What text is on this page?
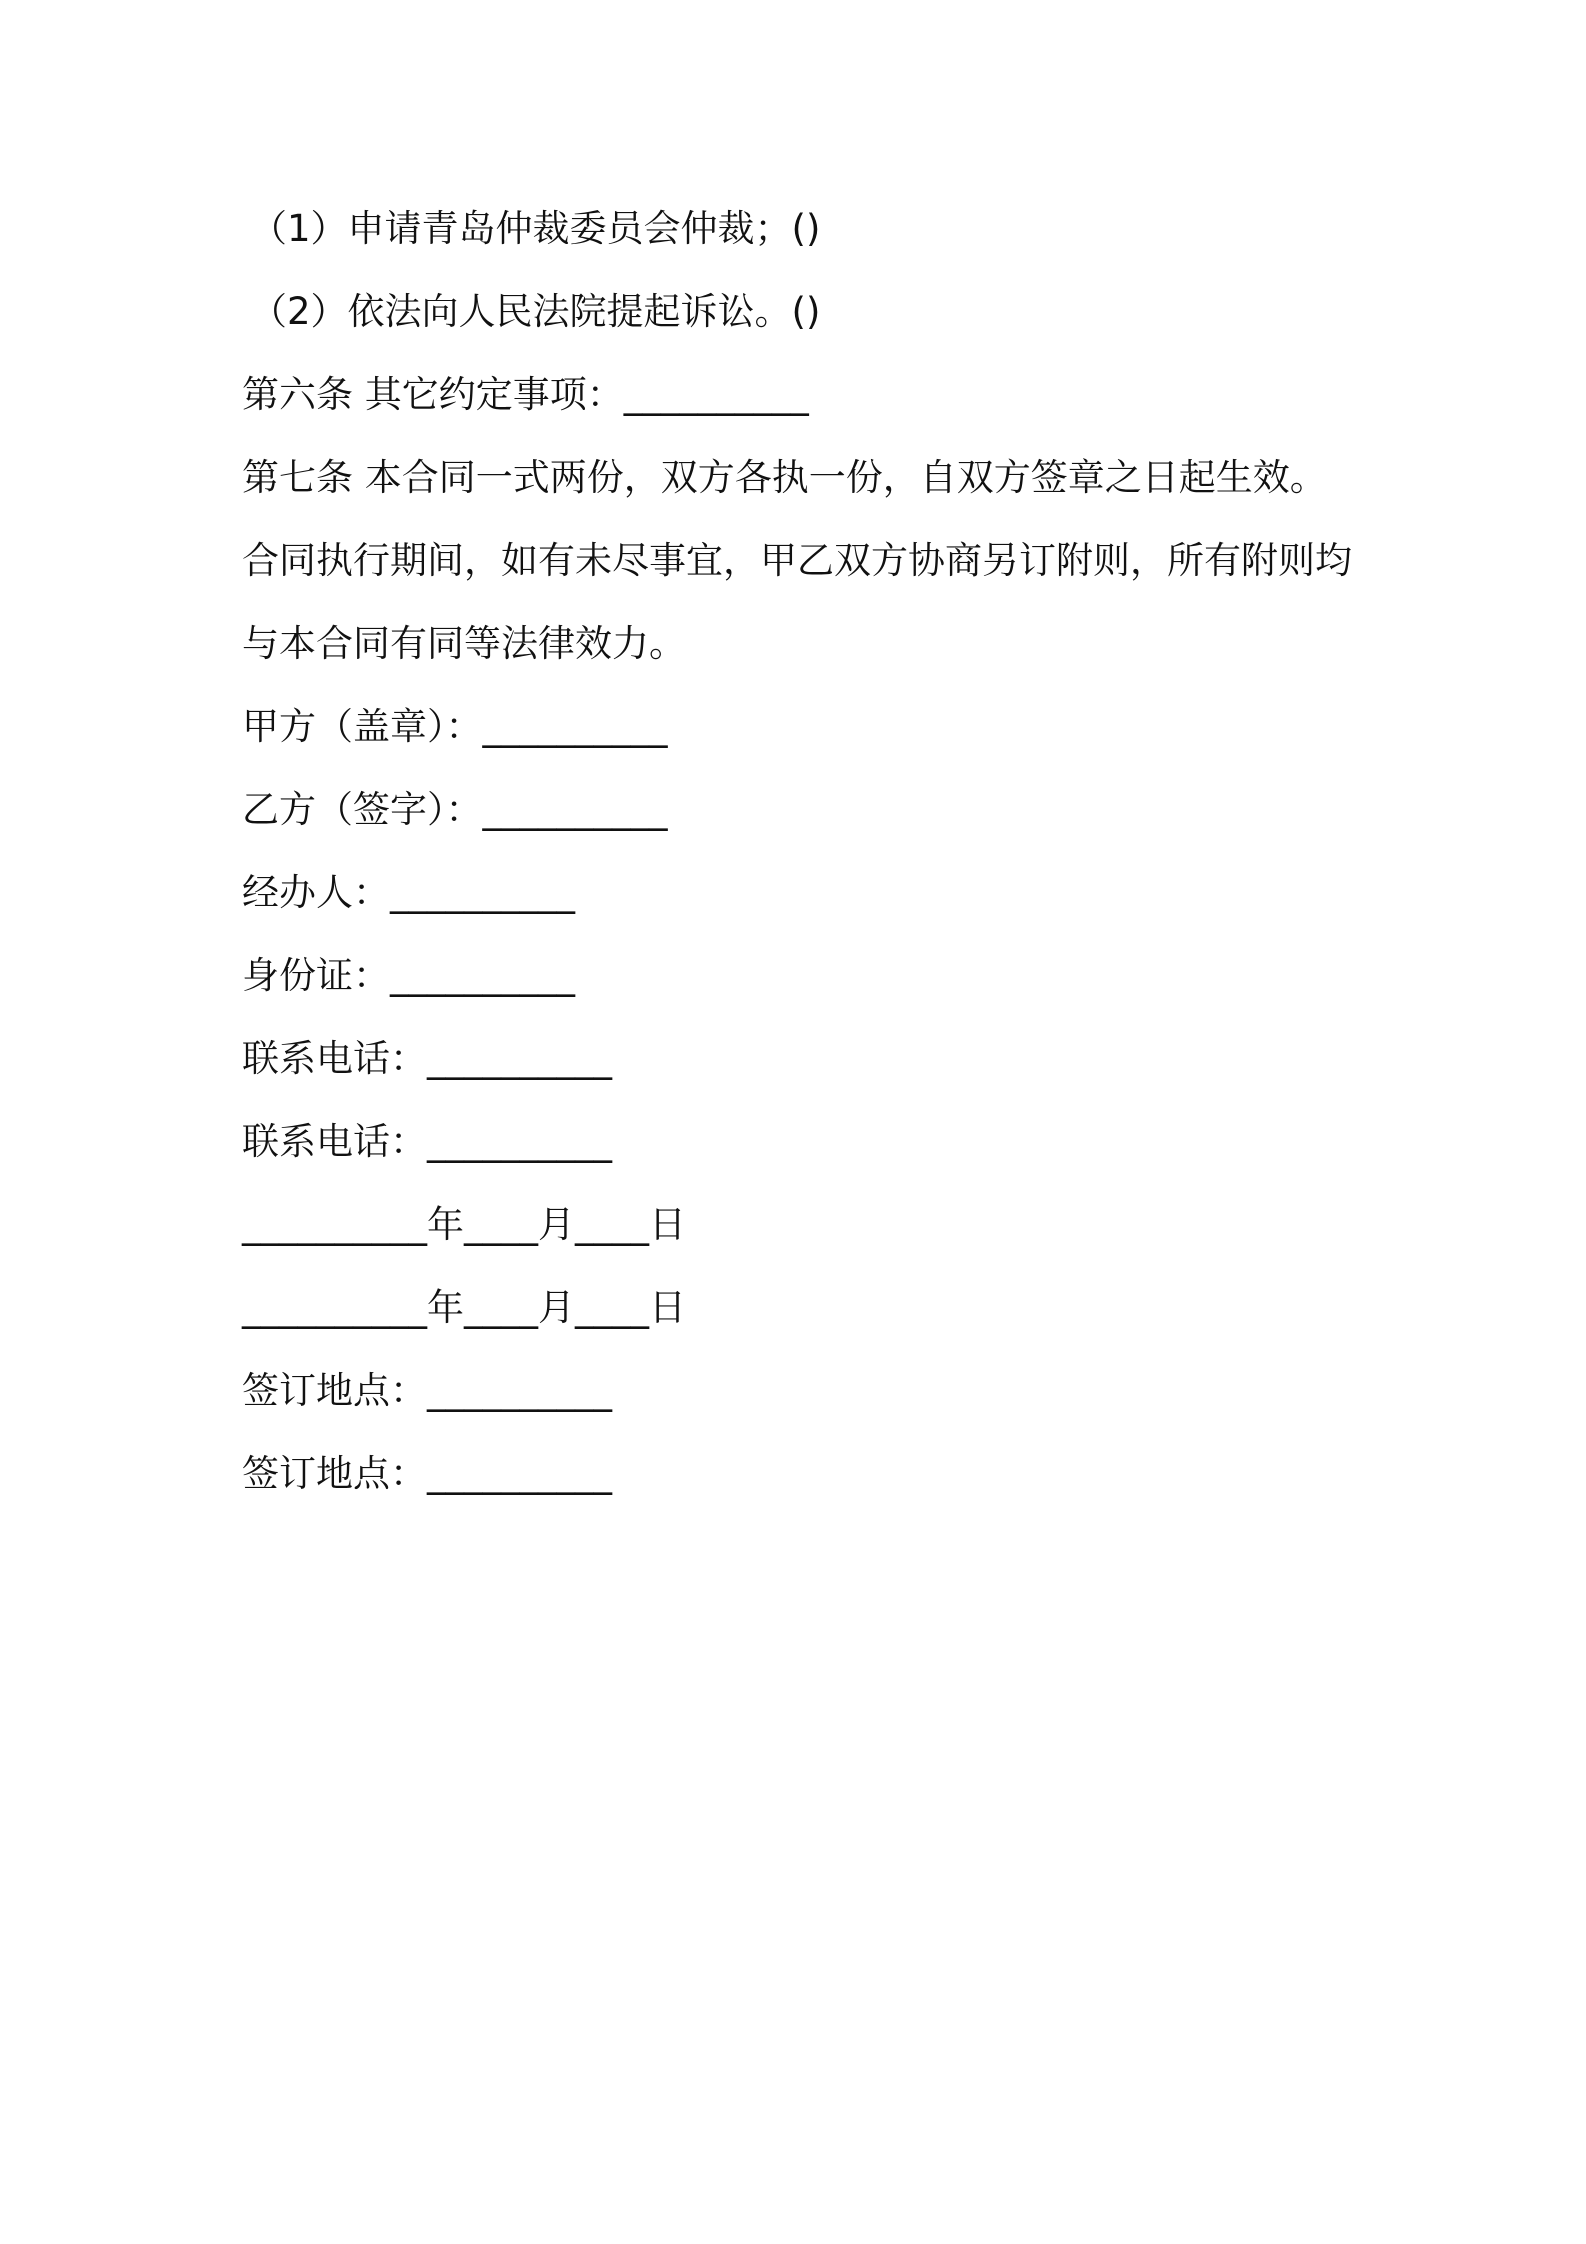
（1）申请青岛仲裁委员会仲裁；()
（2）依法向人民法院提起诉讼。()
第六条 其它约定事项：__________
第七条 本合同一式两份，双方各执一份，自双方签章之日起生效。
合同执行期间，如有未尽事宜，甲乙双方协商另订附则，所有附则均
与本合同有同等法律效力。
甲方（盖章）：__________
乙方（签字）：__________
经办人：__________
身份证：__________
联系电话：__________
联系电话：__________
__________年____月____日
__________年____月____日
签订地点：__________
签订地点：__________
